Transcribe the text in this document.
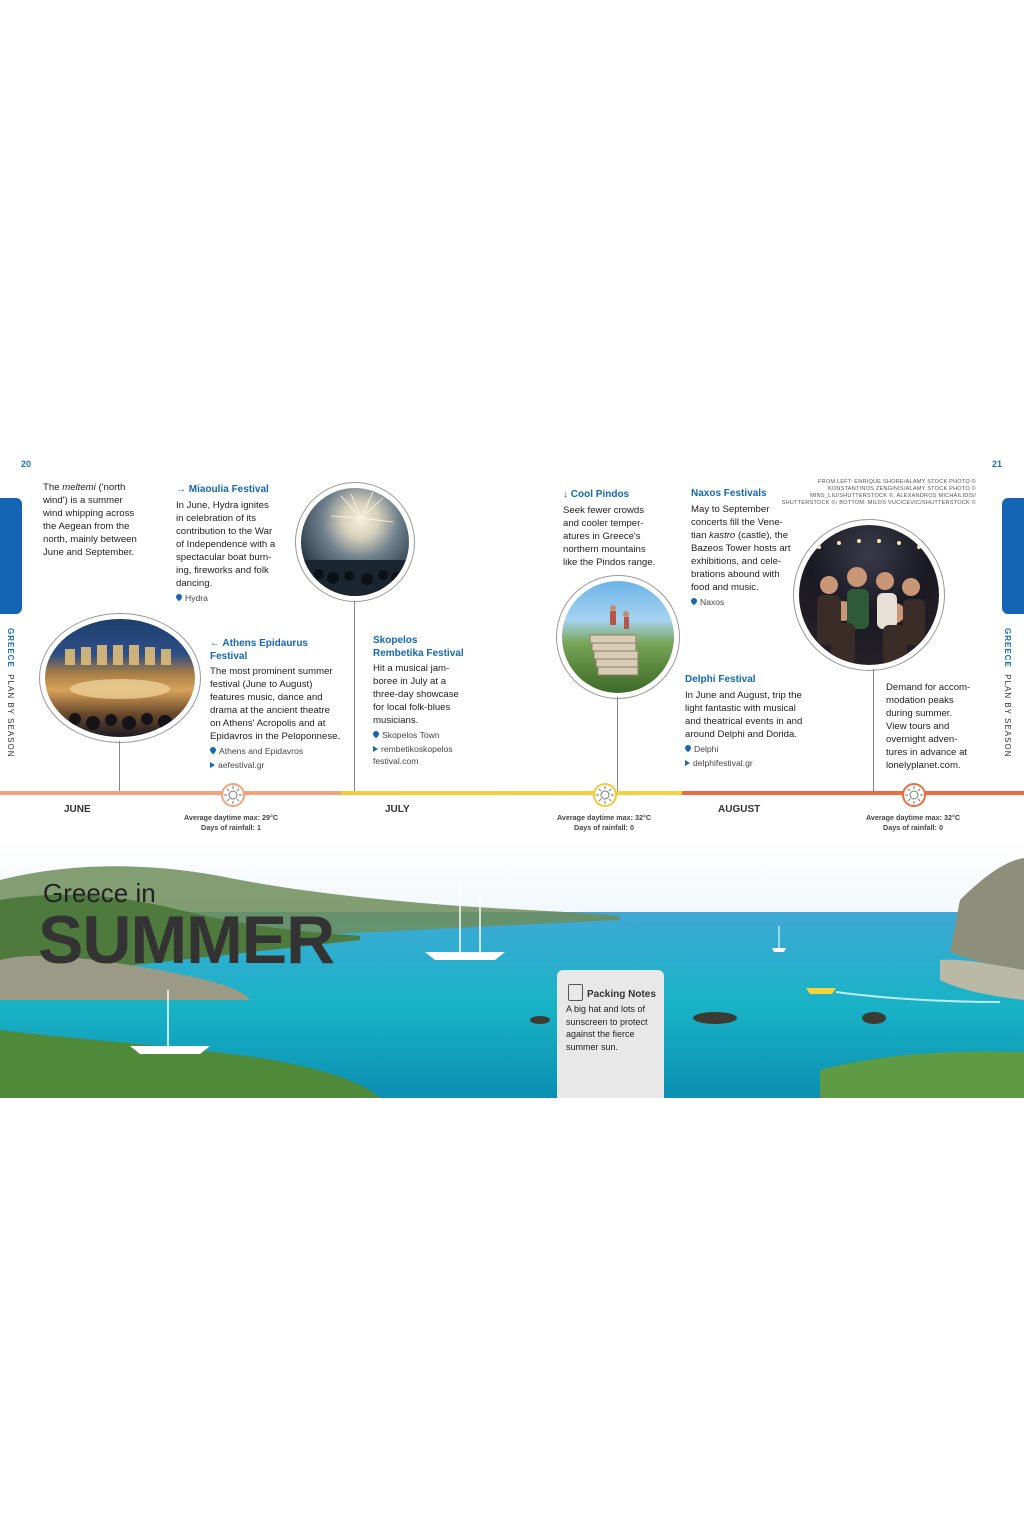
20	21
GREECE  PLAN BY SEASON
GREECE  PLAN BY SEASON
FROM LEFT: ENRIQUE SHORE/ALAMY STOCK PHOTO ©
KONSTANTINOS ZENGINIS/ALAMY STOCK PHOTO ©
MINS_LIU/SHUTTERSTOCK ©, ALEXANDROS MICHAILIDIS/
SHUTTERSTOCK ©; BOTTOM: MILOS VUCICEVIC/SHUTTERSTOCK ©
The meltemi ('north
wind') is a summer
wind whipping across
the Aegean from the
north, mainly between
June and September.
→ Miaoulia Festival
In June, Hydra ignites
in celebration of its
contribution to the War
of Independence with a
spectacular boat burn-
ing, fireworks and folk
dancing.
Hydra
← Athens Epidaurus
Festival
The most prominent summer
festival (June to August)
features music, dance and
drama at the ancient theatre
on Athens' Acropolis and at
Epidavros in the Peloponnese.
Athens and Epidavros
aefestival.gr
Skopelos
Rembetika Festival
Hit a musical jam-
boree in July at a
three-day showcase
for local folk-blues
musicians.
Skopelos Town
rembetikoskopelos
festival.com
↓ Cool Pindos
Seek fewer crowds
and cooler temper-
atures in Greece's
northern mountains
like the Pindos range.
Naxos Festivals
May to September
concerts fill the Vene-
tian kastro (castle), the
Bazeos Tower hosts art
exhibitions, and cele-
brations abound with
food and music.
Naxos
Delphi Festival
In June and August, trip the
light fantastic with musical
and theatrical events in and
around Delphi and Dorida.
Delphi
delphifestival.gr
Demand for accom-
modation peaks
during summer.
View tours and
overnight adven-
tures in advance at
lonelyplanet.com.
JUNE	JULY	AUGUST
Average daytime max: 29°C
Days of rainfall: 1
Average daytime max: 32°C
Days of rainfall: 0
Average daytime max: 32°C
Days of rainfall: 0
Greece in
SUMMER
Packing Notes
A big hat and lots of
sunscreen to protect
against the fierce
summer sun.
